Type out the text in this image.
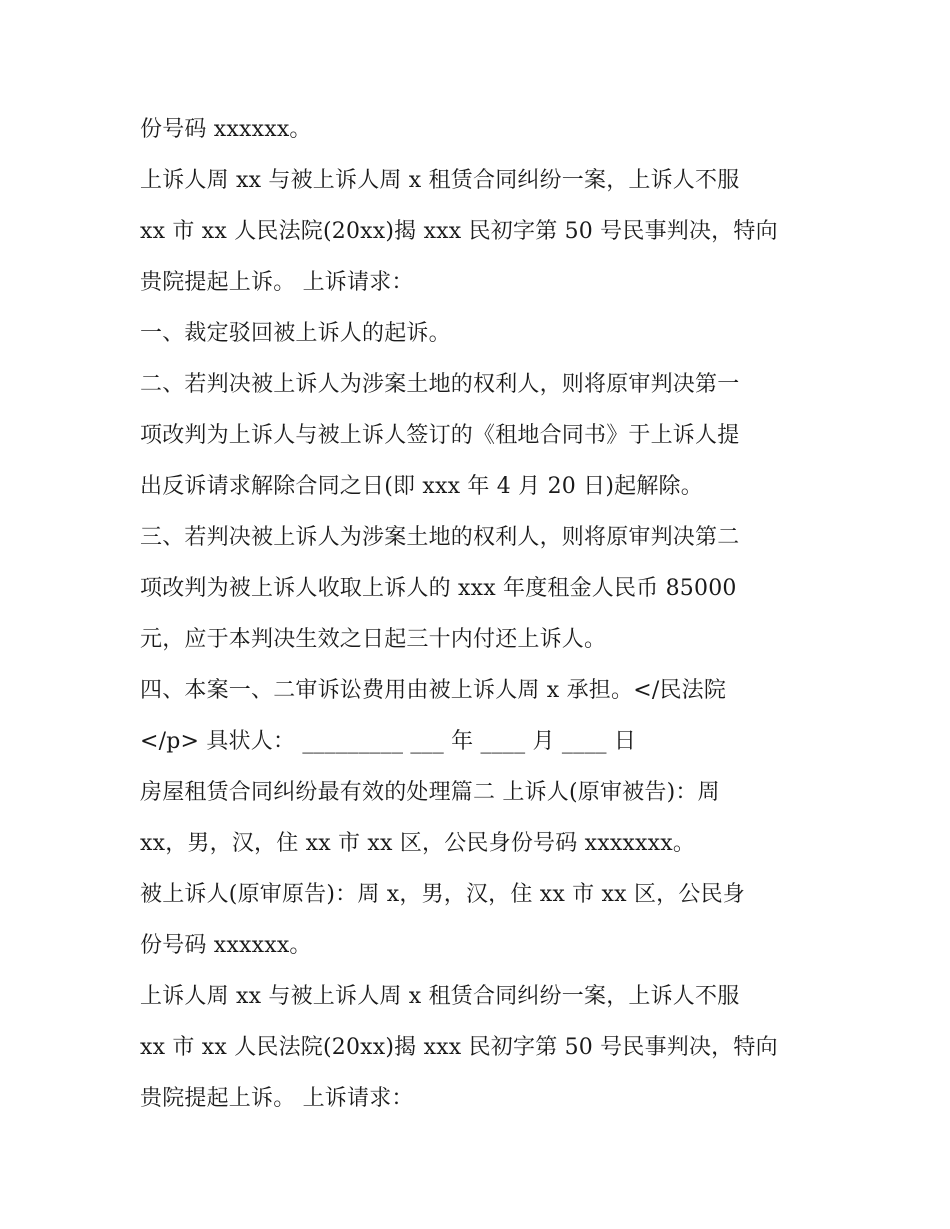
份号码 xxxxxx。
上诉人周 xx 与被上诉人周 x 租赁合同纠纷一案，上诉人不服
xx 市 xx 人民法院(20xx)揭 xxx 民初字第 50 号民事判决，特向
贵院提起上诉。 上诉请求：
一、裁定驳回被上诉人的起诉。
二、若判决被上诉人为涉案土地的权利人，则将原审判决第一
项改判为上诉人与被上诉人签订的《租地合同书》于上诉人提
出反诉请求解除合同之日(即 xxx 年 4 月 20 日)起解除。
三、若判决被上诉人为涉案土地的权利人，则将原审判决第二
项改判为被上诉人收取上诉人的 xxx 年度租金人民币 85000
元，应于本判决生效之日起三十内付还上诉人。
四、本案一、二审诉讼费用由被上诉人周 x 承担。</民法院
</p> 具状人： _________ ___ 年 ____ 月 ____ 日
房屋租赁合同纠纷最有效的处理篇二 上诉人(原审被告)：周
xx，男，汉，住 xx 市 xx 区，公民身份号码 xxxxxxx。
被上诉人(原审原告)：周 x，男，汉，住 xx 市 xx 区，公民身
份号码 xxxxxx。
上诉人周 xx 与被上诉人周 x 租赁合同纠纷一案，上诉人不服
xx 市 xx 人民法院(20xx)揭 xxx 民初字第 50 号民事判决，特向
贵院提起上诉。 上诉请求：
